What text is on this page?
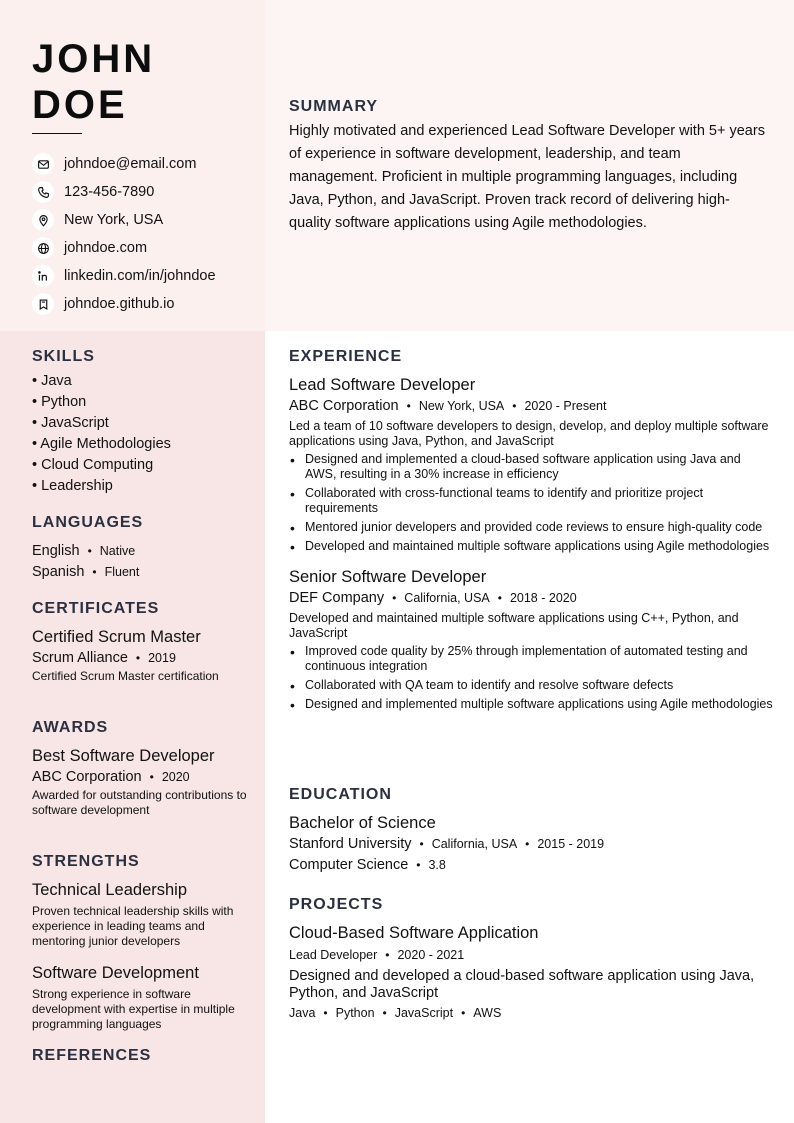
JOHN
DOE
johndoe@email.com
123-456-7890
New York, USA
johndoe.com
linkedin.com/in/johndoe
johndoe.github.io
SUMMARY

Highly motivated and experienced Lead Software Developer with 5+ years of experience in software development, leadership, and team management. Proficient in multiple programming languages, including Java, Python, and JavaScript. Proven track record of delivering high-quality software applications using Agile methodologies.

SKILLS
• Java
• Python
• JavaScript
• Agile Methodologies
• Cloud Computing
• Leadership
LANGUAGES
English • Native
Spanish • Fluent
CERTIFICATES
Certified Scrum Master
Scrum Alliance • 2019
Certified Scrum Master certification
AWARDS
Best Software Developer
ABC Corporation • 2020
Awarded for outstanding contributions to software development
STRENGTHS
Technical Leadership
Proven technical leadership skills with experience in leading teams and mentoring junior developers
Software Development
Strong experience in software development with expertise in multiple programming languages
REFERENCES
EXPERIENCE
Lead Software Developer
ABC Corporation • New York, USA • 2020 - Present
Led a team of 10 software developers to design, develop, and deploy multiple software applications using Java, Python, and JavaScript
• Designed and implemented a cloud-based software application using Java and AWS, resulting in a 30% increase in efficiency
• Collaborated with cross-functional teams to identify and prioritize project requirements
• Mentored junior developers and provided code reviews to ensure high-quality code
• Developed and maintained multiple software applications using Agile methodologies
Senior Software Developer
DEF Company • California, USA • 2018 - 2020
Developed and maintained multiple software applications using C++, Python, and JavaScript
• Improved code quality by 25% through implementation of automated testing and continuous integration
• Collaborated with QA team to identify and resolve software defects
• Designed and implemented multiple software applications using Agile methodologies
EDUCATION
Bachelor of Science
Stanford University • California, USA • 2015 - 2019
Computer Science • 3.8
PROJECTS
Cloud-Based Software Application
Lead Developer • 2020 - 2021
Designed and developed a cloud-based software application using Java, Python, and JavaScript
Java • Python • JavaScript • AWS
